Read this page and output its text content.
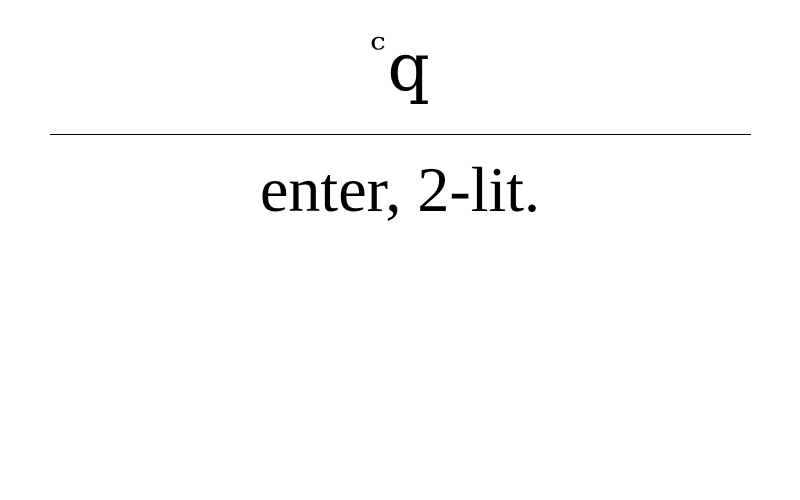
$^ᶜ$q
enter, 2-lit.
